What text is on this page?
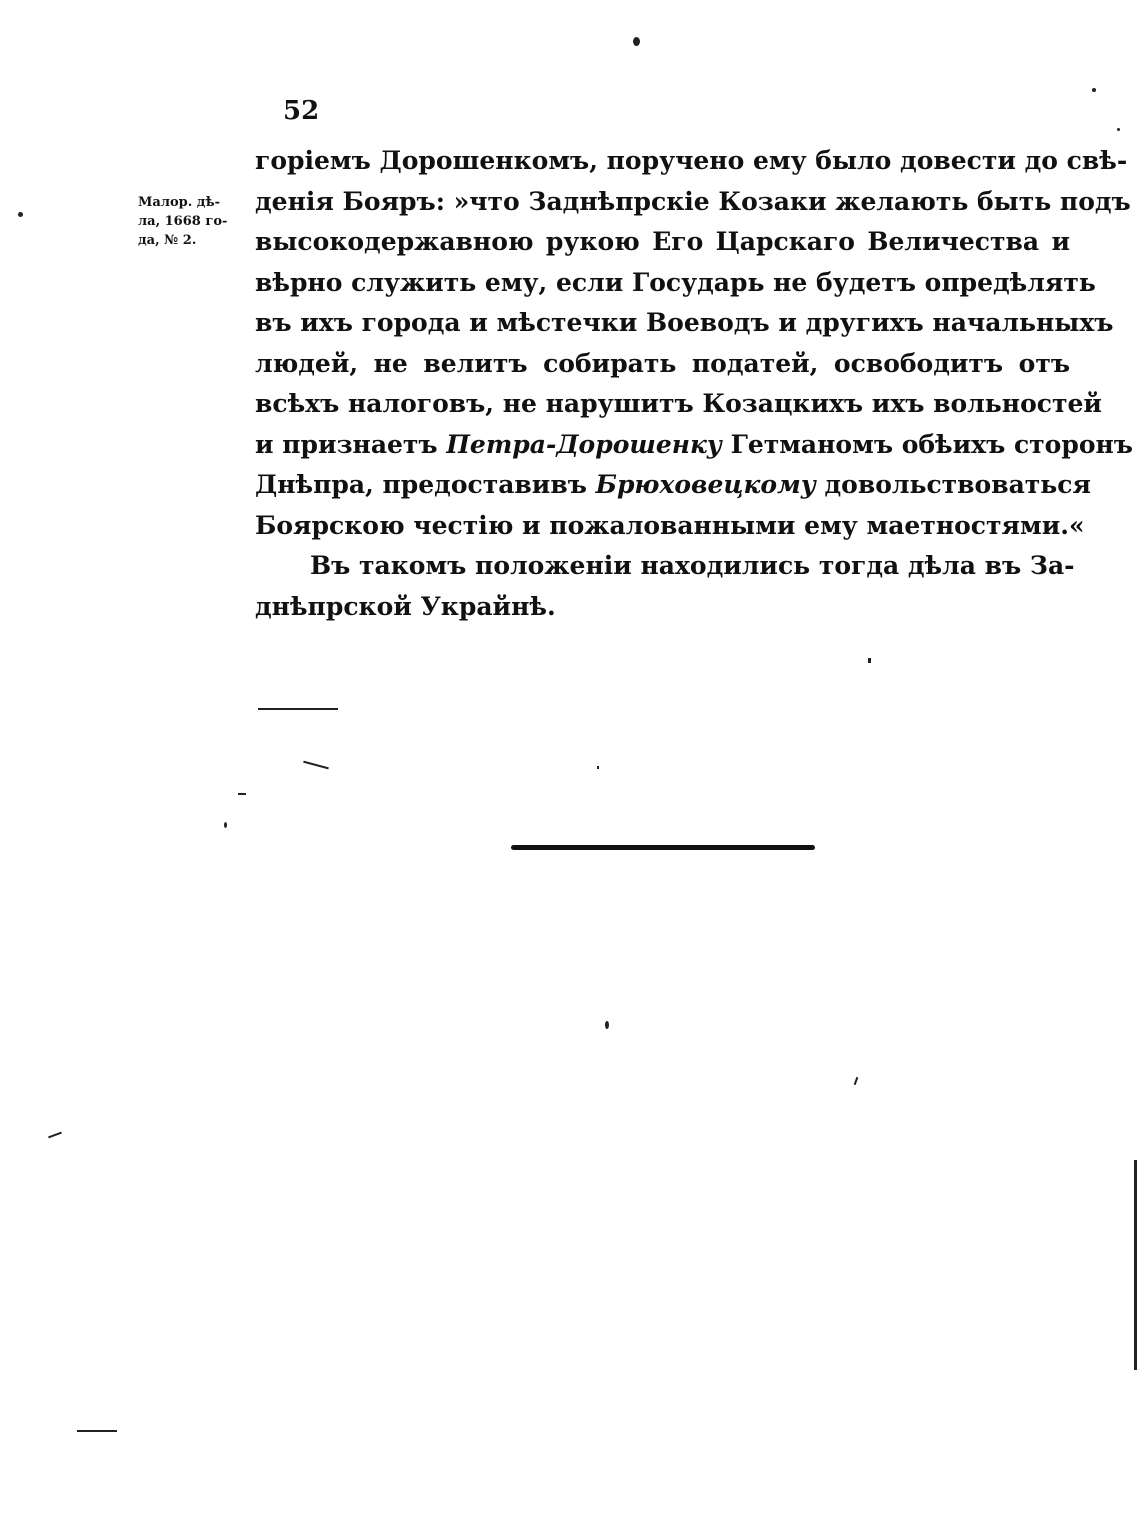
52
Малор. дѣ-
ла, 1668 го-
да, № 2.
горіемъ Дорошенкомъ, поручено ему было довести до свѣ-
денія Бояръ: »что Заднѣпрскіе Козаки желають быть подъ
высокодержавною рукою Его Царскаго Величества и
вѣрно служить ему, если Государь не будетъ опредѣлять
въ ихъ города и мѣстечки Воеводъ и другихъ начальныхъ
людей, не велитъ собирать податей, освободитъ отъ
всѣхъ налоговъ, не нарушитъ Козацкихъ ихъ вольностей
и признаетъ Петра-Дорошенку Гетманомъ обѣихъ сторонъ
Днѣпра, предоставивъ Брюховецкому довольствоваться
Боярскою честію и пожалованными ему маетностями.«
Въ такомъ положеніи находились тогда дѣла въ За-
днѣпрской Украйнѣ.
